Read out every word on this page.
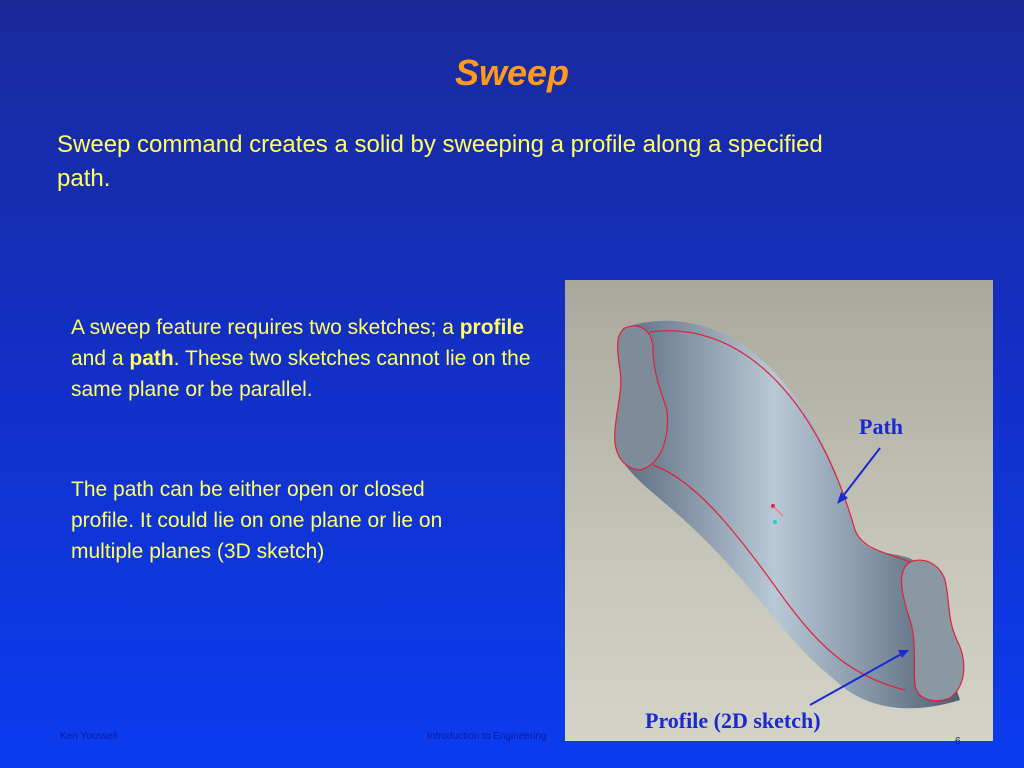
Sweep
Sweep command creates a solid by sweeping a profile along a specified path.
A sweep feature requires two sketches; a profile and a path. These two sketches cannot lie on the same plane or be parallel.
The path can be either open or closed profile. It could lie on one plane or lie on multiple planes (3D sketch)
Path
Profile (2D sketch)
Ken Youssefi	Introduction to Engineering	6
